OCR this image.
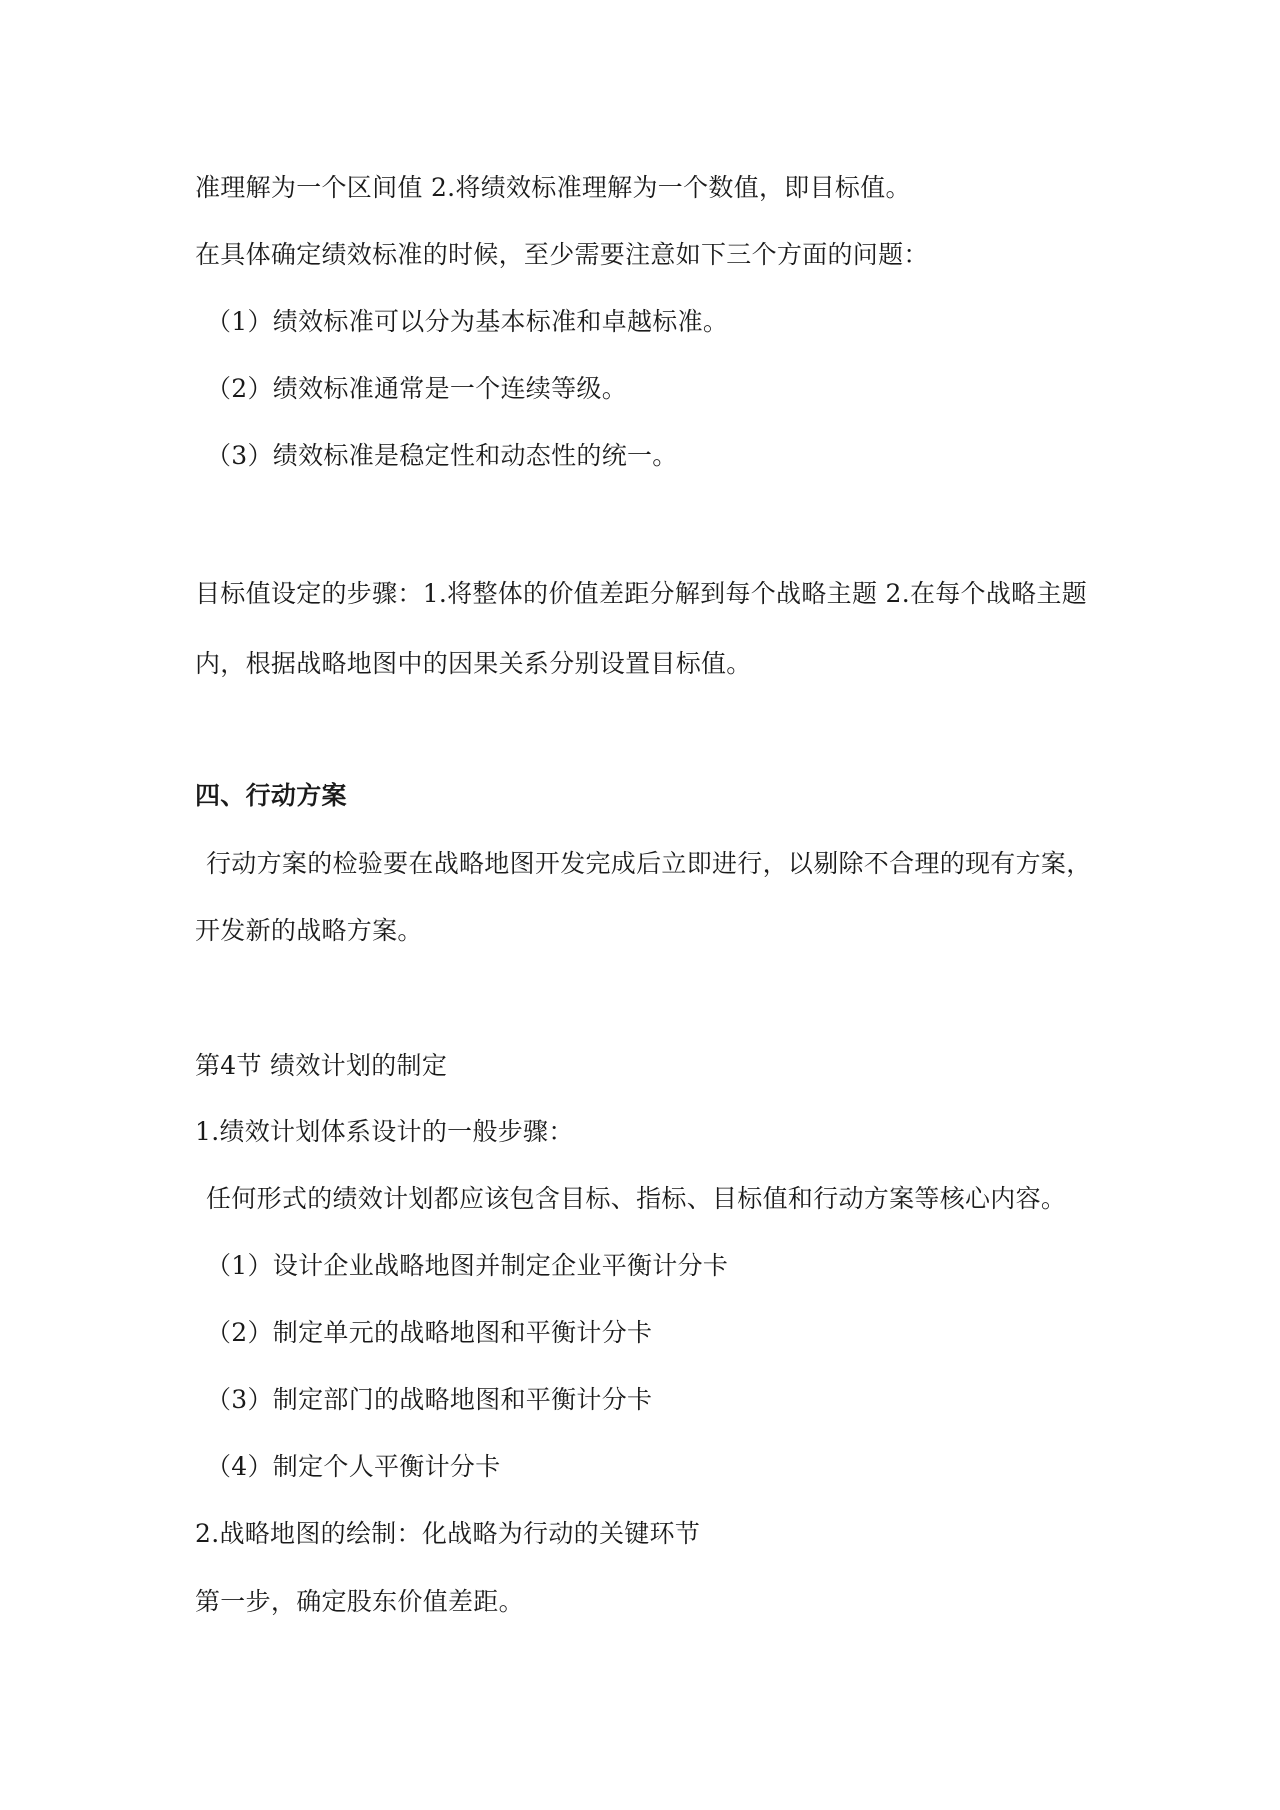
准理解为一个区间值 2.将绩效标准理解为一个数值，即目标值。
在具体确定绩效标准的时候，至少需要注意如下三个方面的问题：
（1）绩效标准可以分为基本标准和卓越标准。
（2）绩效标准通常是一个连续等级。
（3）绩效标准是稳定性和动态性的统一。
目标值设定的步骤：1.将整体的价值差距分解到每个战略主题 2.在每个战略主题
内，根据战略地图中的因果关系分别设置目标值。
四、行动方案
行动方案的检验要在战略地图开发完成后立即进行，以剔除不合理的现有方案，
开发新的战略方案。
第4节 绩效计划的制定
1.绩效计划体系设计的一般步骤：
任何形式的绩效计划都应该包含目标、指标、目标值和行动方案等核心内容。
（1）设计企业战略地图并制定企业平衡计分卡
（2）制定单元的战略地图和平衡计分卡
（3）制定部门的战略地图和平衡计分卡
（4）制定个人平衡计分卡
2.战略地图的绘制：化战略为行动的关键环节
第一步，确定股东价值差距。
